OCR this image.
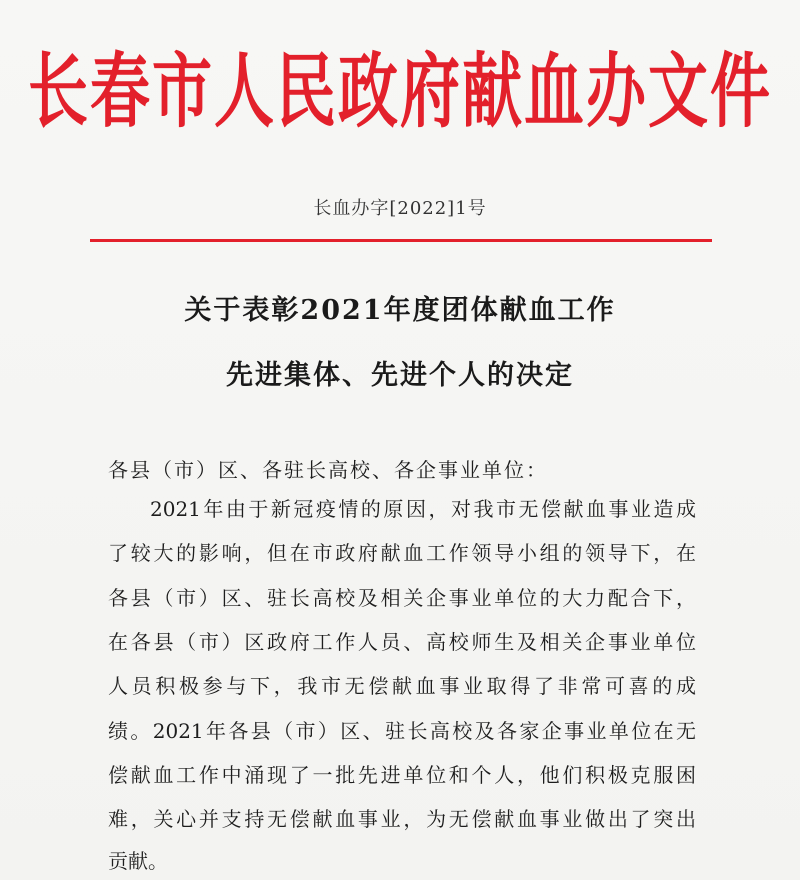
长春市人民政府献血办文件
长血办字[2022]1号
关于表彰2021年度团体献血工作
先进集体、先进个人的决定
各县（市）区、各驻长高校、各企事业单位：
2021年由于新冠疫情的原因，对我市无偿献血事业造成
了较大的影响，但在市政府献血工作领导小组的领导下，在
各县（市）区、驻长高校及相关企事业单位的大力配合下，
在各县（市）区政府工作人员、高校师生及相关企事业单位
人员积极参与下，我市无偿献血事业取得了非常可喜的成
绩。2021年各县（市）区、驻长高校及各家企事业单位在无
偿献血工作中涌现了一批先进单位和个人，他们积极克服困
难，关心并支持无偿献血事业，为无偿献血事业做出了突出
贡献。
